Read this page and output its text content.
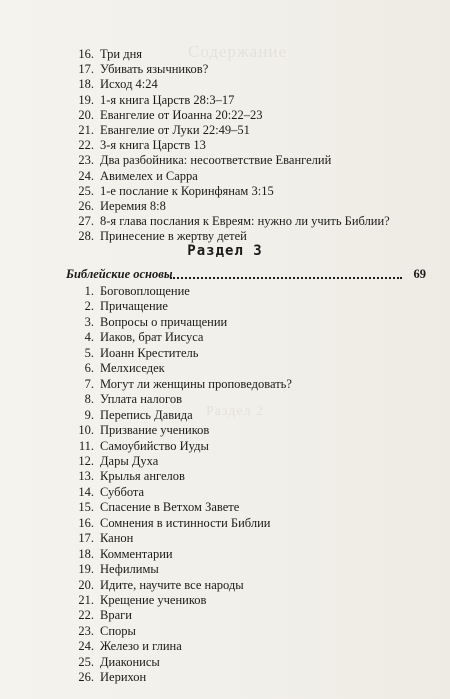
Содержание
Раздел 2
16. Три дня
17. Убивать язычников?
18. Исход 4:24
19. 1-я книга Царств 28:3–17
20. Евангелие от Иоанна 20:22–23
21. Евангелие от Луки 22:49–51
22. 3-я книга Царств 13
23. Два разбойника: несоответствие Евангелий
24. Авимелех и Сарра
25. 1-е послание к Коринфянам 3:15
26. Иеремия 8:8
27. 8-я глава послания к Евреям: нужно ли учить Библии?
28. Принесение в жертву детей
Раздел 3
Библейские основы	69
1. Боговоплощение
2. Причащение
3. Вопросы о причащении
4. Иаков, брат Иисуса
5. Иоанн Креститель
6. Мелхиседек
7. Могут ли женщины проповедовать?
8. Уплата налогов
9. Перепись Давида
10. Призвание учеников
11. Самоубийство Иуды
12. Дары Духа
13. Крылья ангелов
14. Суббота
15. Спасение в Ветхом Завете
16. Сомнения в истинности Библии
17. Канон
18. Комментарии
19. Нефилимы
20. Идите, научите все народы
21. Крещение учеников
22. Враги
23. Споры
24. Железо и глина
25. Диаконисы
26. Иерихон
